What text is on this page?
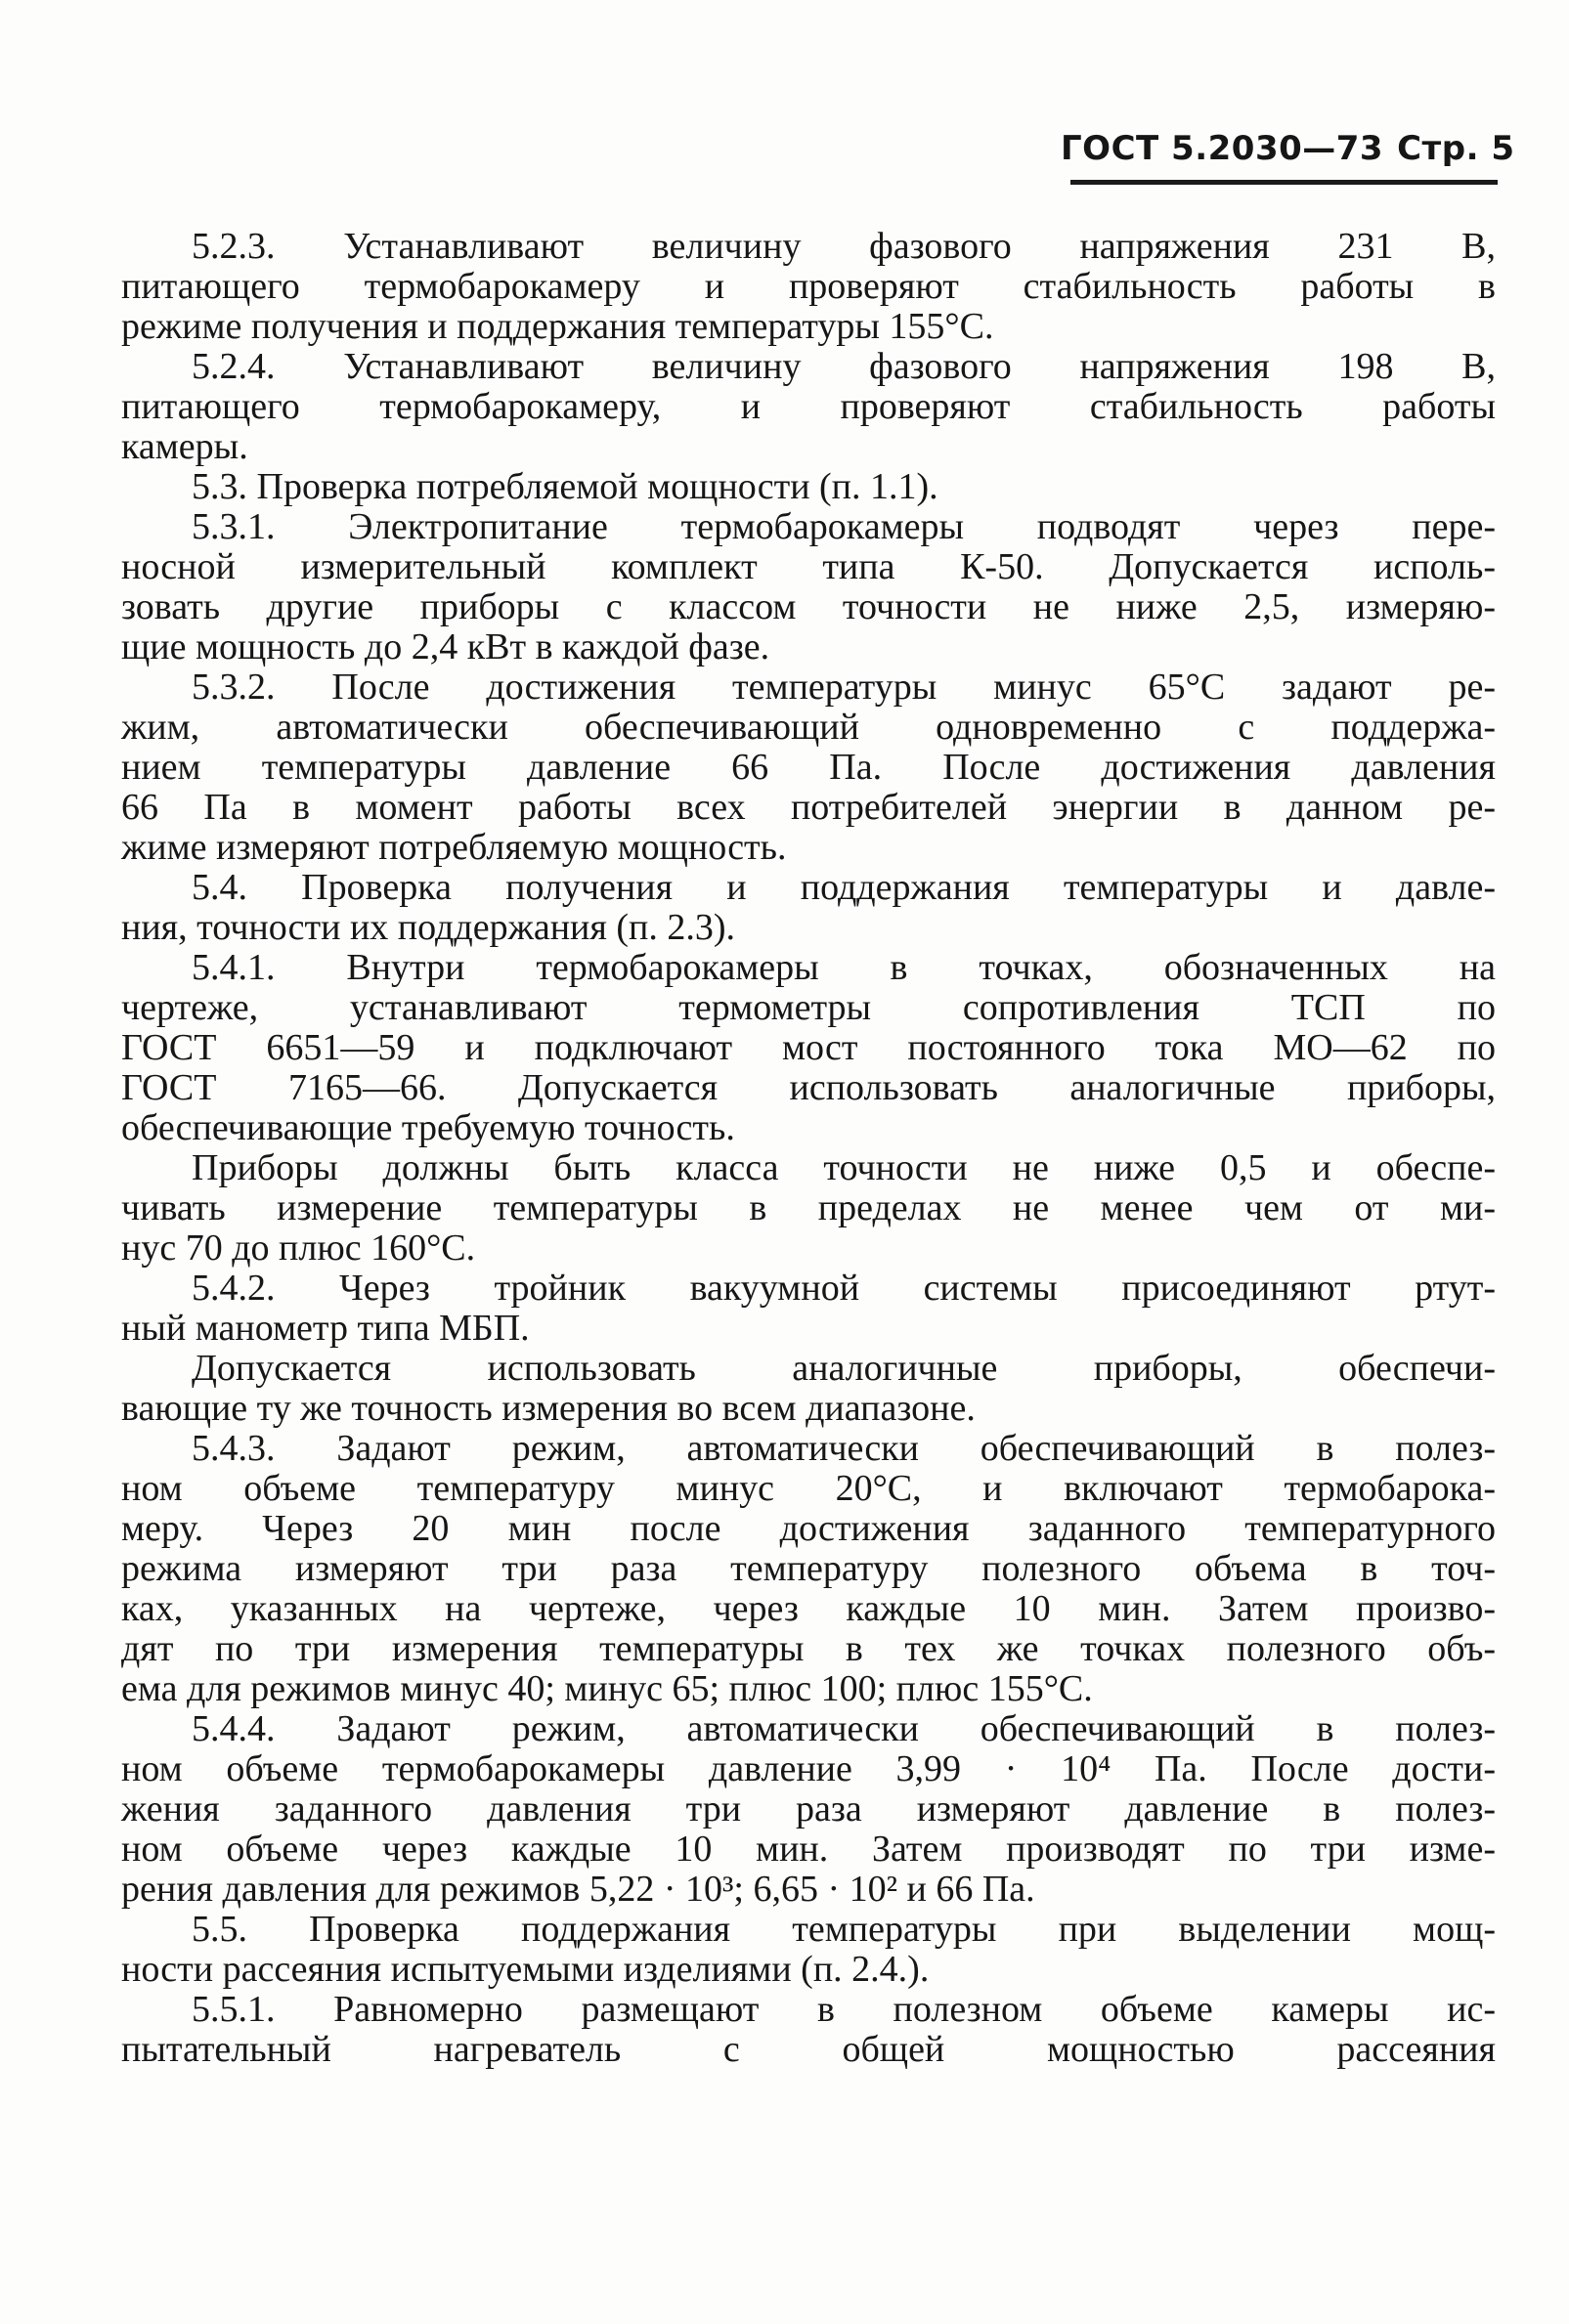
ГОСТ 5.2030—73 Стр. 5
5.2.3. Устанавливают величину фазового напряжения 231 В,
питающего термобарокамеру и проверяют стабильность работы в
режиме получения и поддержания температуры 155°С.
5.2.4. Устанавливают величину фазового напряжения 198 В,
питающего термобарокамеру, и проверяют стабильность работы
камеры.
5.3. Проверка потребляемой мощности (п. 1.1).
5.3.1. Электропитание термобарокамеры подводят через пере-
носной измерительный комплект типа К-50. Допускается исполь-
зовать другие приборы с классом точности не ниже 2,5, измеряю-
щие мощность до 2,4 кВт в каждой фазе.
5.3.2. После достижения температуры минус 65°С задают ре-
жим, автоматически обеспечивающий одновременно с поддержа-
нием температуры давление 66 Па. После достижения давления
66 Па в момент работы всех потребителей энергии в данном ре-
жиме измеряют потребляемую мощность.
5.4. Проверка получения и поддержания температуры и давле-
ния, точности их поддержания (п. 2.3).
5.4.1. Внутри термобарокамеры в точках, обозначенных на
чертеже, устанавливают термометры сопротивления ТСП по
ГОСТ 6651—59 и подключают мост постоянного тока МО—62 по
ГОСТ 7165—66. Допускается использовать аналогичные приборы,
обеспечивающие требуемую точность.
Приборы должны быть класса точности не ниже 0,5 и обеспе-
чивать измерение температуры в пределах не менее чем от ми-
нус 70 до плюс 160°С.
5.4.2. Через тройник вакуумной системы присоединяют ртут-
ный манометр типа МБП.
Допускается использовать аналогичные приборы, обеспечи-
вающие ту же точность измерения во всем диапазоне.
5.4.3. Задают режим, автоматически обеспечивающий в полез-
ном объеме температуру минус 20°С, и включают термобарока-
меру. Через 20 мин после достижения заданного температурного
режима измеряют три раза температуру полезного объема в точ-
ках, указанных на чертеже, через каждые 10 мин. Затем произво-
дят по три измерения температуры в тех же точках полезного объ-
ема для режимов минус 40; минус 65; плюс 100; плюс 155°С.
5.4.4. Задают режим, автоматически обеспечивающий в полез-
ном объеме термобарокамеры давление 3,99 · 10⁴ Па. После дости-
жения заданного давления три раза измеряют давление в полез-
ном объеме через каждые 10 мин. Затем производят по три изме-
рения давления для режимов 5,22 · 10³; 6,65 · 10² и 66 Па.
5.5. Проверка поддержания температуры при выделении мощ-
ности рассеяния испытуемыми изделиями (п. 2.4.).
5.5.1. Равномерно размещают в полезном объеме камеры ис-
пытательный нагреватель с общей мощностью рассеяния
